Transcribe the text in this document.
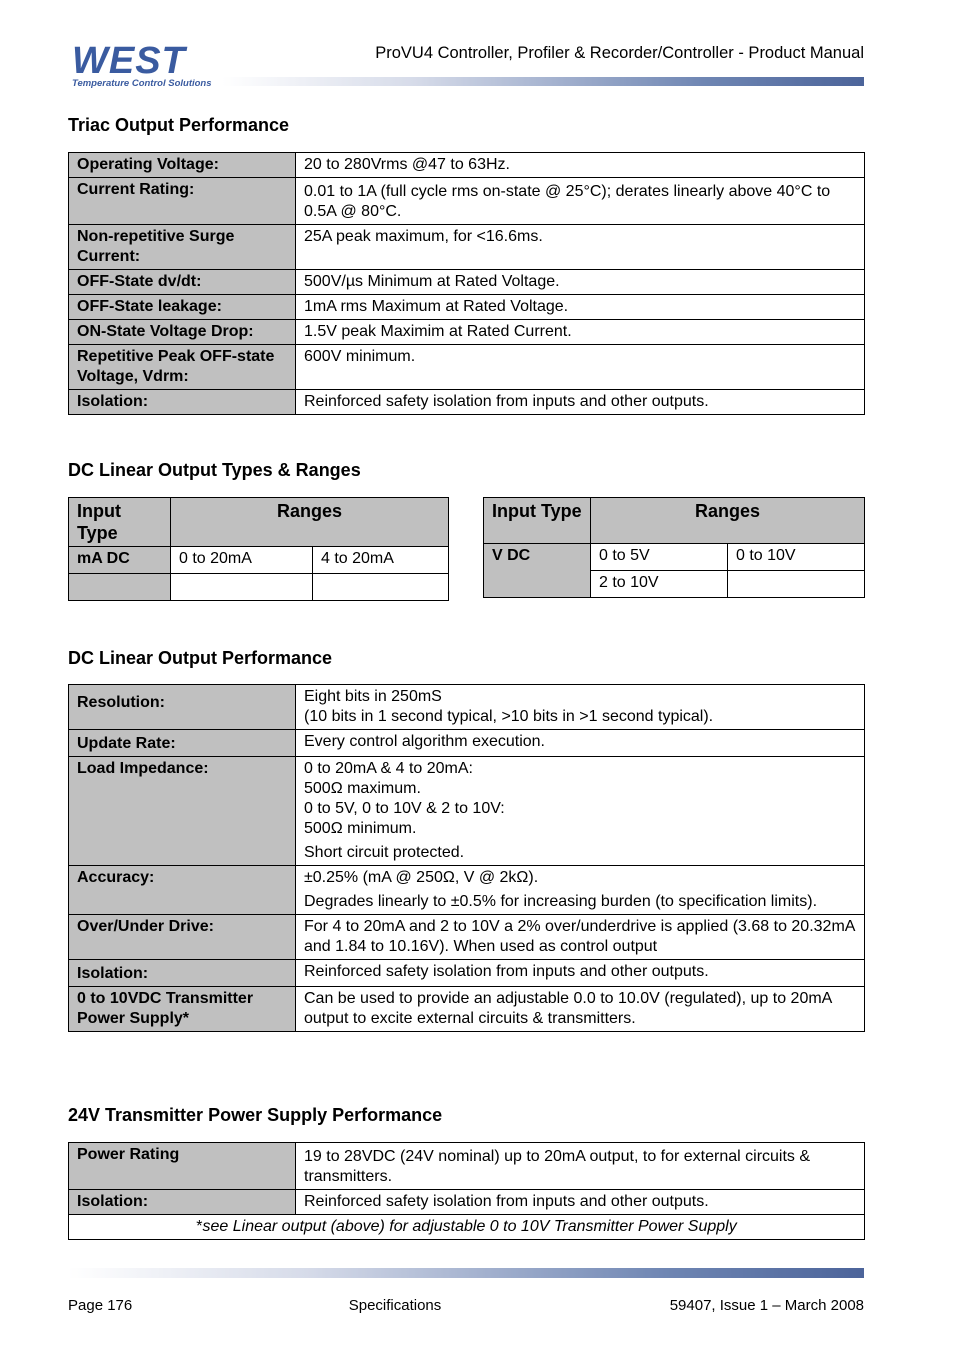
WEST
Temperature Control Solutions
ProVU4 Controller, Profiler & Recorder/Controller - Product Manual
Triac Output Performance
Operating Voltage:	20 to 280Vrms @47 to 63Hz.
Current Rating:	0.01 to 1A (full cycle rms on-state @ 25°C); derates linearly above 40°C to 0.5A @ 80°C.
Non-repetitive Surge Current:	25A peak maximum, for <16.6ms.
OFF-State dv/dt:	500V/µs Minimum at Rated Voltage.
OFF-State leakage:	1mA rms Maximum at Rated Voltage.
ON-State Voltage Drop:	1.5V peak Maximim at Rated Current.
Repetitive Peak OFF-state Voltage, Vdrm:	600V minimum.
Isolation:	Reinforced safety isolation from inputs and other outputs.
DC Linear Output Types & Ranges
Input Type	Ranges	
mA DC	0 to 20mA	4 to 20mA

Input Type	Ranges	
V DC	0 to 5V	0 to 10V
	2 to 10V	
DC Linear Output Performance
Resolution:	Eight bits in 250mS
(10 bits in 1 second typical, >10 bits in >1 second typical).

Update Rate:	Every control algorithm execution.
Load Impedance:	0 to 20mA & 4 to 20mA:
500Ω maximum.
0 to 5V, 0 to 10V & 2 to 10V:
500Ω minimum.
Short circuit protected.

Accuracy:	±0.25% (mA @ 250Ω, V @ 2kΩ).
Degrades linearly to ±0.5% for increasing burden (to specification limits).

Over/Under Drive:	For 4 to 20mA and 2 to 10V a 2% over/underdrive is applied (3.68 to 20.32mA and 1.84 to 10.16V). When used as control output
Isolation:	Reinforced safety isolation from inputs and other outputs.
0 to 10VDC Transmitter Power Supply*	Can be used to provide an adjustable 0.0 to 10.0V (regulated), up to 20mA output to excite external circuits & transmitters.
24V Transmitter Power Supply Performance
Power Rating	19 to 28VDC (24V nominal) up to 20mA output, to for external circuits & transmitters.
Isolation:	Reinforced safety isolation from inputs and other outputs.
*see Linear output (above) for adjustable 0 to 10V Transmitter Power Supply	
Page 176	Specifications	59407, Issue 1 – March 2008
